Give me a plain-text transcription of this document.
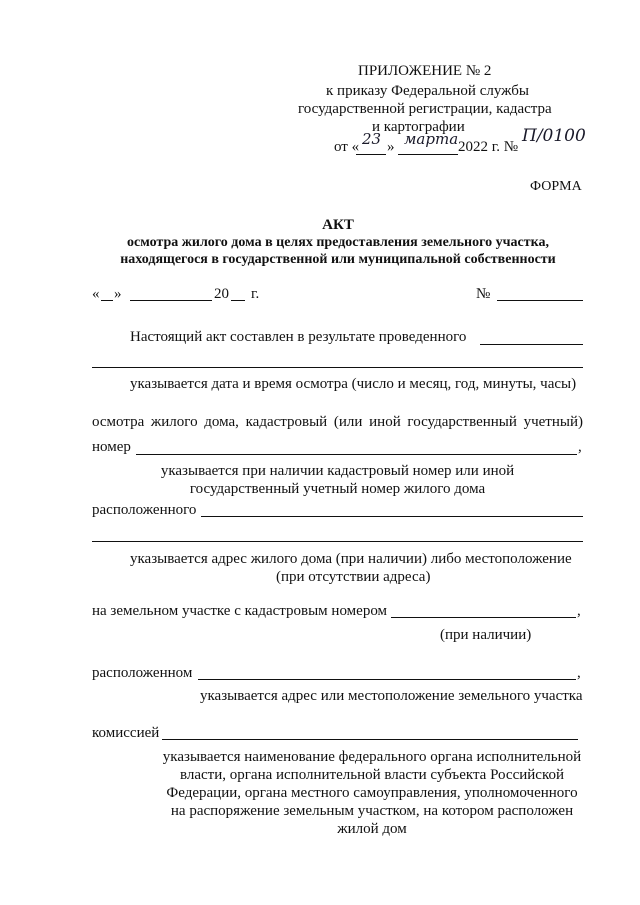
ПРИЛОЖЕНИЕ № 2
к приказу Федеральной службы
государственной регистрации, кадастра
и картографии
от « 23 » марта 2022 г. №
П/0100
ФОРМА
АКТ
осмотра жилого дома в целях предоставления земельного участка,
находящегося в государственной или муниципальной собственности
« »	20 г.	№
Настоящий акт составлен в результате проведенного
указывается дата и время осмотра (число и месяц, год, минуты, часы)
осмотра жилого дома, кадастровый (или иной государственный учетный)
номер	,
указывается при наличии кадастровый номер или иной
государственный учетный номер жилого дома
расположенного
указывается адрес жилого дома (при наличии) либо местоположение
(при отсутствии адреса)
на земельном участке с кадастровым номером	,
(при наличии)
расположенном	,
указывается адрес или местоположение земельного участка
комиссией
указывается наименование федерального органа исполнительной
власти, органа исполнительной власти субъекта Российской
Федерации, органа местного самоуправления, уполномоченного
на распоряжение земельным участком, на котором расположен
жилой дом
